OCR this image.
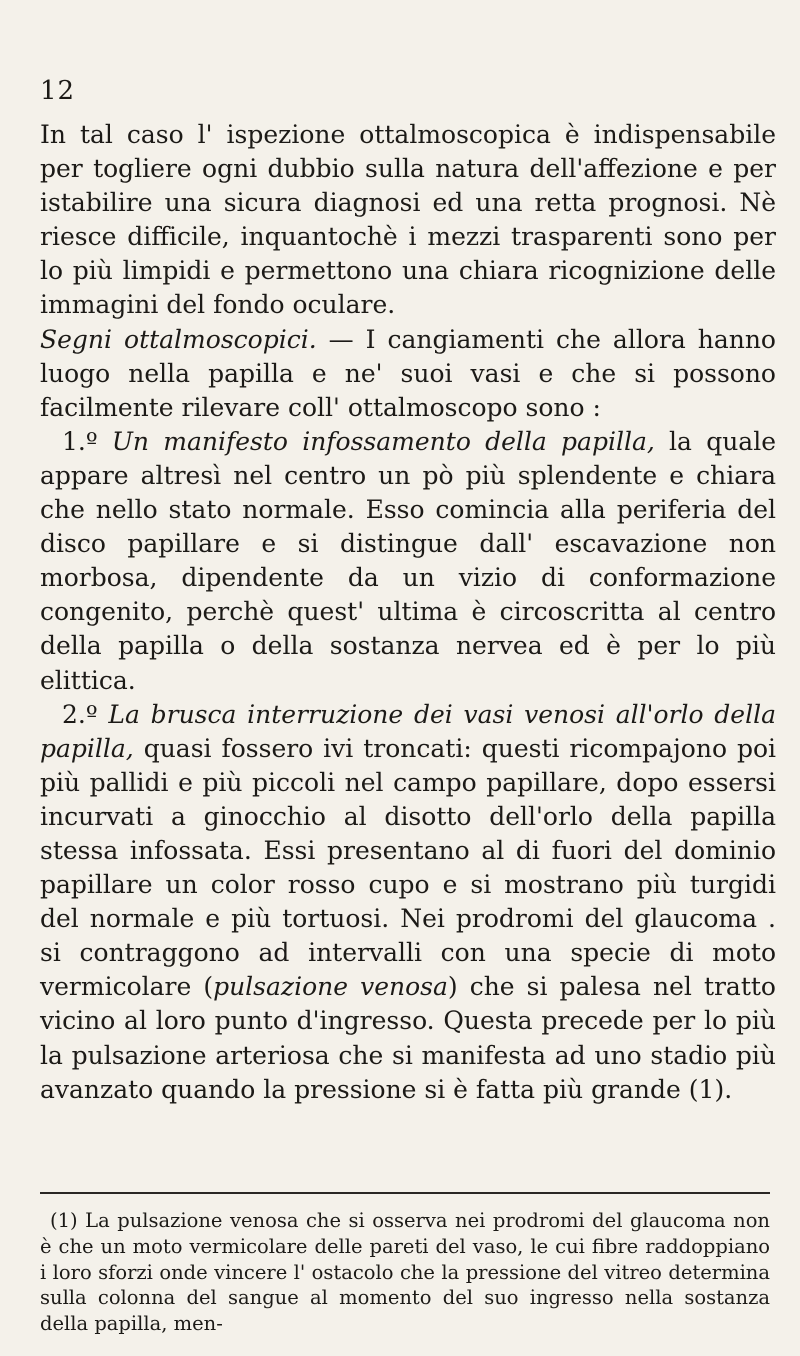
12

In tal caso l' ispezione ottalmoscopica è indispensabile per togliere ogni dubbio sulla natura dell'affezione e per istabilire una sicura diagnosi ed una retta prognosi. Nè riesce difficile, inquantochè i mezzi trasparenti sono per lo più limpidi e permettono una chiara ricognizione delle immagini del fondo oculare.

Segni ottalmoscopici. — I cangiamenti che allora hanno luogo nella papilla e ne' suoi vasi e che si possono facilmente rilevare coll' ottalmoscopo sono :

1.º Un manifesto infossamento della papilla, la quale appare altresì nel centro un pò più splendente e chiara che nello stato normale. Esso comincia alla periferia del disco papillare e si distingue dall' escavazione non morbosa, dipendente da un vizio di conformazione congenito, perchè quest' ultima è circoscritta al centro della papilla o della sostanza nervea ed è per lo più elittica.

2.º La brusca interruzione dei vasi venosi all'orlo della papilla, quasi fossero ivi troncati: questi ricompajono poi più pallidi e più piccoli nel campo papillare, dopo essersi incurvati a ginocchio al disotto dell'orlo della papilla stessa infossata. Essi presentano al di fuori del dominio papillare un color rosso cupo e si mostrano più turgidi del normale e più tortuosi. Nei prodromi del glaucoma . si contraggono ad intervalli con una specie di moto vermicolare (pulsazione venosa) che si palesa nel tratto vicino al loro punto d'ingresso. Questa precede per lo più la pulsazione arteriosa che si manifesta ad uno stadio più avanzato quando la pressione si è fatta più grande (1).

(1) La pulsazione venosa che si osserva nei prodromi del glaucoma non è che un moto vermicolare delle pareti del vaso, le cui fibre raddoppiano i loro sforzi onde vincere l' ostacolo che la pressione del vitreo determina sulla colonna del sangue al momento del suo ingresso nella sostanza della papilla, men-
